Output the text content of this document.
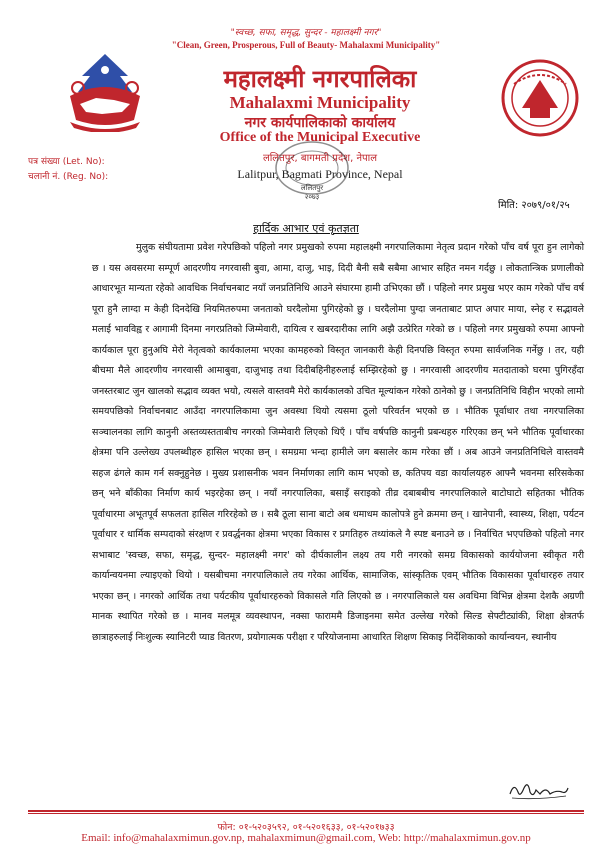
"स्वच्छ, सफा, समृद्ध, सुन्दर - महालक्ष्मी नगर"
"Clean, Green, Prosperous, Full of Beauty- Mahalaxmi Municipality"
महालक्ष्मी नगरपालिका
Mahalaxmi Municipality
नगर कार्यपालिकाको कार्यालय
Office of the Municipal Executive
ललितपुर, बागमती प्रदेश, नेपाल
Lalitpur, Bagmati Province, Nepal
ललितपुर
२०७३
पत्र संख्या (Let. No):
चलानी नं. (Reg. No):
मिति: २०७९/०१/२५
हार्दिक आभार एवं कृतज्ञता

मुलुक संघीयतामा प्रवेश गरेपछिको पहिलो नगर प्रमुखको रुपमा महालक्ष्मी नगरपालिकामा नेतृत्व प्रदान गरेको पाँच वर्ष पूरा हुन लागेको छ । यस अवसरमा सम्पूर्ण आदरणीय नगरवासी बुवा, आमा, दाजु, भाइ, दिदी बैनी सबै सबैमा आभार सहित नमन गर्दछु । लोकतान्त्रिक प्रणालीको आधारभूत मान्यता रहेको आवधिक निर्वाचनबाट नयाँ जनप्रतिनिधि आउने संघारमा हामी उभिएका छौं । पहिलो नगर प्रमुख भएर काम गरेको पाँच वर्ष पूरा हुनै लाग्दा म केही दिनदेखि नियमितरुपमा जनताको घरदैलोमा पुगिरहेको छु । घरदैलोमा पुग्दा जनताबाट प्राप्त अपार माया, स्नेह र सद्भावले मलाई भावविह्व र आगामी दिनमा नगरप्रतिको जिम्मेवारी, दायित्व र खबरदारीका लागि अझै उत्प्रेरित गरेको छ । पहिलो नगर प्रमुखको रुपमा आफ्नो कार्यकाल पूरा हुनुअघि मेरो नेतृत्वको कार्यकालमा भएका कामहरुको विस्तृत जानकारी केही दिनपछि विस्तृत रुपमा सार्वजनिक गर्नेछु । तर, यही बीचमा मैले आदरणीय नगरवासी आमाबुवा, दाजुभाइ तथा दिदीबहिनीहरुलाई सम्झिरहेको छु । नगरवासी आदरणीय मतदाताको घरमा पुगिरहँदा जनस्तरबाट जुन खालको सद्भाव व्यक्त भयो, त्यसले वास्तवमै मेरो कार्यकालको उचित मूल्यांकन गरेको ठानेको छु । जनप्रतिनिधि विहीन भएको लामो समयपछिको निर्वाचनबाट आउँदा नगरपालिकामा जुन अवस्था थियो त्यसमा ठूलो परिवर्तन भएको छ । भौतिक पूर्वाधार तथा नगरपालिका सञ्चालनका लागि कानुनी अस्तव्यस्तताबीच नगरको जिम्मेवारी लिएको थिएँ । पाँच वर्षपछि कानुनी प्रबन्धहरु गरिएका छन् भने भौतिक पूर्वाधारका क्षेत्रमा पनि उल्लेख्य उपलब्धीहरु हासिल भएका छन् । समग्रमा भन्दा हामीले जग बसालेर काम गरेका छौं । अब आउने जनप्रतिनिधिले वास्तवमै सहज ढंगले काम गर्न सक्नुहुनेछ । मुख्य प्रशासनीक भवन निर्माणका लागि काम भएको छ, कतिपय वडा कार्यालयहरु आफ्नै भवनमा सरिसकेका छन् भने बाँकीका निर्माण कार्य भइरहेका छन् । नयाँ नगरपालिका, बसाइँ सराइको तीव्र दबाबबीच नगरपालिकाले बाटोघाटो सहितका भौतिक पूर्वाधारमा अभूतपूर्व सफलता हासिल गरिरहेको छ । सबै ठूला साना बाटो अब धमाधम कालोपत्रे हुने क्रममा छन् । खानेपानी, स्वास्थ्य, शिक्षा, पर्यटन पूर्वाधार र धार्मिक सम्पदाको संरक्षण र प्रवर्द्धनका क्षेत्रमा भएका विकास र प्रगतिहरु तथ्यांकले नै स्पष्ट बनाउने छ । निर्वाचित भएपछिको पहिलो नगर सभाबाट 'स्वच्छ, सफा, समृद्ध, सुन्दर- महालक्ष्मी नगर' को दीर्घकालीन लक्ष्य तय गरी नगरको समग्र विकासको कार्ययोजना स्वीकृत गरी कार्यान्वयनमा ल्याइएको थियो । यसबीचमा नगरपालिकाले तय गरेका आर्थिक, सामाजिक, सांस्कृतिक एवम् भौतिक विकासका पूर्वाधारहरु तयार भएका छन् । नगरको आर्थिक तथा पर्यटकीय पूर्वाधारहरुको विकासले गति लिएको छ । नगरपालिकाले यस अवधिमा विभिन्न क्षेत्रमा देशकै अग्रणी मानक स्थापित गरेको छ । मानव मलमूत्र व्यवस्थापन, नक्सा फाराममै डिजाइनमा समेत उल्लेख गरेको सिल्ड सेफ्टीट्यांकी, शिक्षा क्षेत्रतर्फ छात्राहरुलाई निःशुल्क स्यानिटरी प्याड वितरण, प्रयोगात्मक परीक्षा र परियोजनामा आधारित शिक्षण सिकाइ निर्देशिकाको कार्यान्वयन, स्थानीय

फोन: ०१-५२०३५९२, ०१-५२०१६३३, ०१-५२०१७३३
Email: info@mahalaxmimun.gov.np, mahalaxmimun@gmail.com, Web: http://mahalaxmimun.gov.np
